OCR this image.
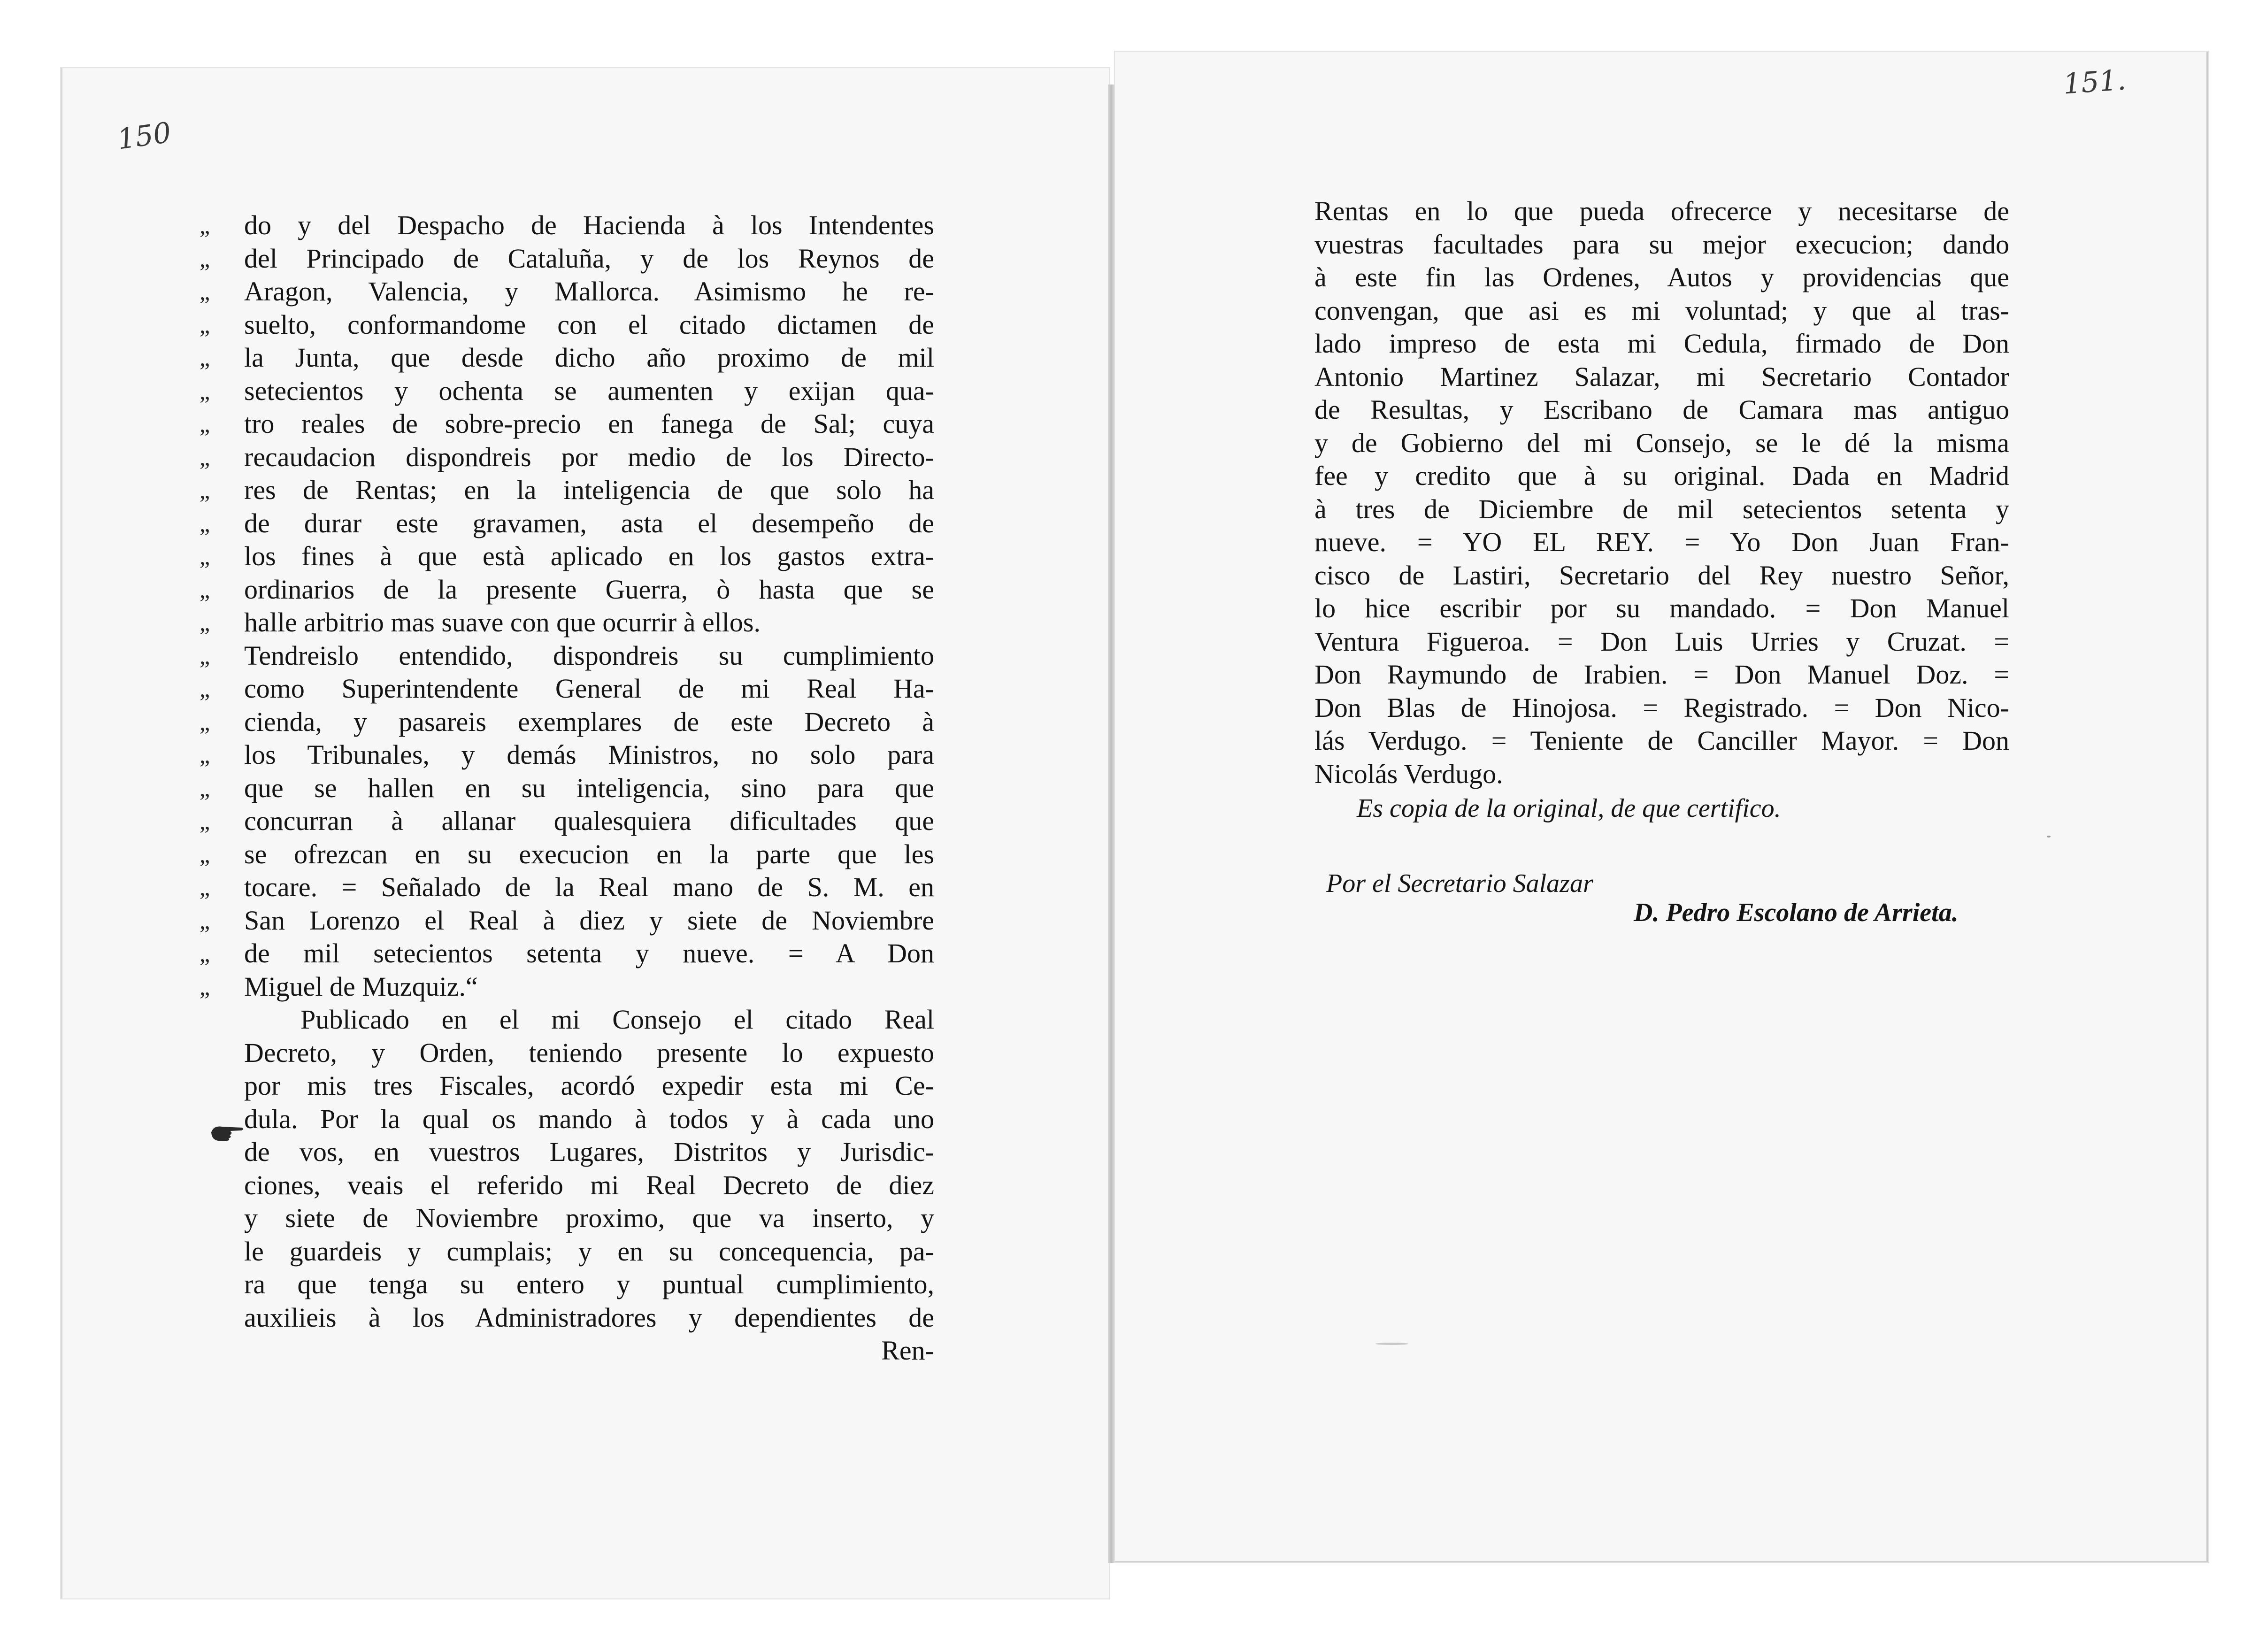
150
151.
„ do y del Despacho de Hacienda à los Intendentes
„ del Principado de Cataluña, y de los Reynos de
„ Aragon, Valencia, y Mallorca. Asimismo he re-
„ suelto, conformandome con el citado dictamen de
„ la Junta, que desde dicho año proximo de mil
„ setecientos y ochenta se aumenten y exijan qua-
„ tro reales de sobre-precio en fanega de Sal; cuya
„ recaudacion dispondreis por medio de los Directo-
„ res de Rentas; en la inteligencia de que solo ha
„ de durar este gravamen, asta el desempeño de
„ los fines à que està aplicado en los gastos extra-
„ ordinarios de la presente Guerra, ò hasta que se
„ halle arbitrio mas suave con que ocurrir à ellos.
„ Tendreislo entendido, dispondreis su cumplimiento
„ como Superintendente General de mi Real Ha-
„ cienda, y pasareis exemplares de este Decreto à
„ los Tribunales, y demás Ministros, no solo para
„ que se hallen en su inteligencia, sino para que
„ concurran à allanar qualesquiera dificultades que
„ se ofrezcan en su execucion en la parte que les
„ tocare. = Señalado de la Real mano de S. M. en
„ San Lorenzo el Real à diez y siete de Noviembre
„ de mil setecientos setenta y nueve. = A Don
„ Miguel de Muzquiz.“
Publicado en el mi Consejo el citado Real
Decreto, y Orden, teniendo presente lo expuesto
por mis tres Fiscales, acordó expedir esta mi Ce-
dula. Por la qual os mando à todos y à cada uno
de vos, en vuestros Lugares, Distritos y Jurisdic-
ciones, veais el referido mi Real Decreto de diez
y siete de Noviembre proximo, que va inserto, y
le guardeis y cumplais; y en su concequencia, pa-
ra que tenga su entero y puntual cumplimiento,
auxilieis à los Administradores y dependientes de
Ren-
Rentas en lo que pueda ofrecerce y necesitarse de
vuestras facultades para su mejor execucion; dando
à este fin las Ordenes, Autos y providencias que
convengan, que asi es mi voluntad; y que al tras-
lado impreso de esta mi Cedula, firmado de Don
Antonio Martinez Salazar, mi Secretario Contador
de Resultas, y Escribano de Camara mas antiguo
y de Gobierno del mi Consejo, se le dé la misma
fee y credito que à su original. Dada en Madrid
à tres de Diciembre de mil setecientos setenta y
nueve. = YO EL REY. = Yo Don Juan Fran-
cisco de Lastiri, Secretario del Rey nuestro Señor,
lo hice escribir por su mandado. = Don Manuel
Ventura Figueroa. = Don Luis Urries y Cruzat. =
Don Raymundo de Irabien. = Don Manuel Doz. =
Don Blas de Hinojosa. = Registrado. = Don Nico-
lás Verdugo. = Teniente de Canciller Mayor. = Don
Nicolás Verdugo.
Es copia de la original, de que certifico.
Por el Secretario Salazar
D. Pedro Escolano de Arrieta.
